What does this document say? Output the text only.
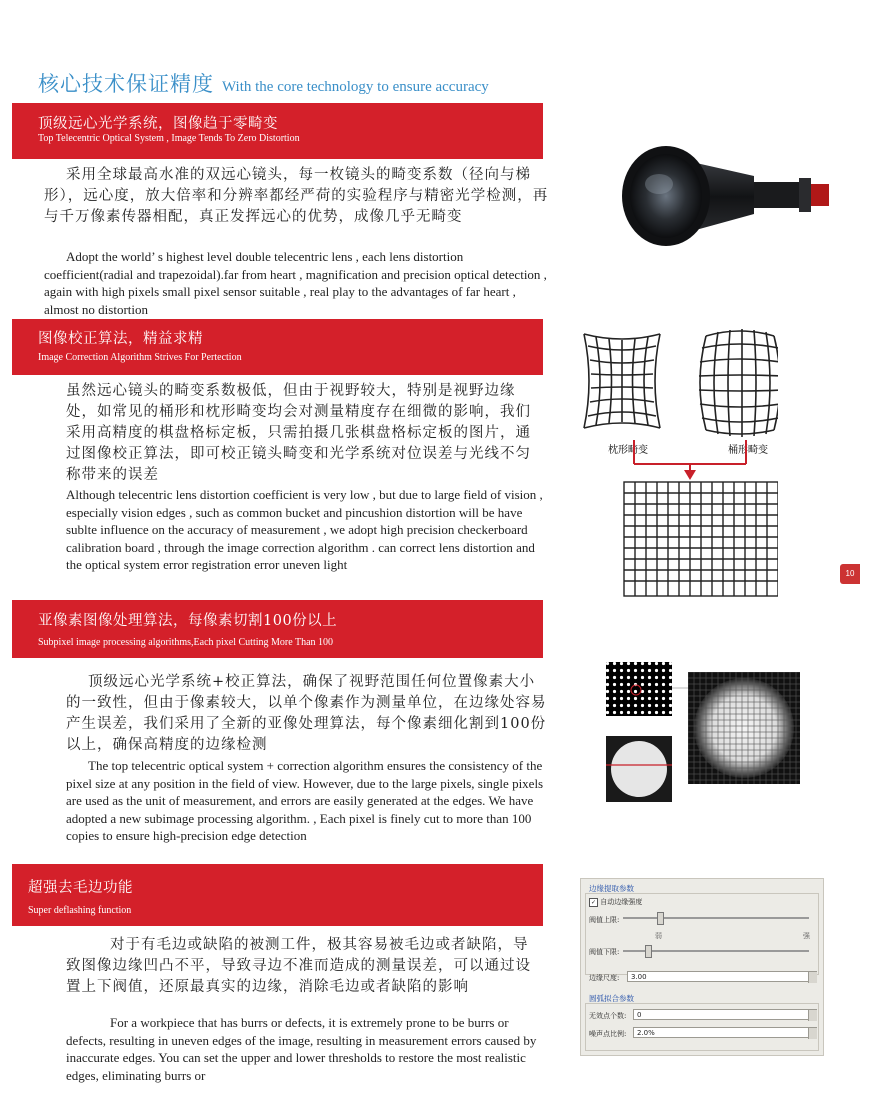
核心技术保证精度 With the core technology to ensure accuracy
顶级远心光学系统，图像趋于零畸变
Top Telecentric Optical System , Image Tends To Zero Distortion
采用全球最高水准的双远心镜头，每一枚镜头的畸变系数（径向与梯形），远心度，放大倍率和分辨率都经严荷的实验程序与精密光学检测，再与千万像素传器相配，真正发挥远心的优势，成像几乎无畸变
Adopt the world’ s highest level double telecentric lens , each lens distortion coefficient(radial and trapezoidal).far from heart , magnification and precision optical detection , again with high pixels small pixel sensor suitable , real play to the advantages of far heart , almost no distortion
图像校正算法，精益求精
Image Correction Algorithm Strives For Pertection
虽然远心镜头的畸变系数极低，但由于视野较大，特别是视野边缘处，如常见的桶形和枕形畸变均会对测量精度存在细微的影响，我们采用高精度的棋盘格标定板，只需拍摄几张棋盘格标定板的图片，通过图像校正算法，即可校正镜头畸变和光学系统对位误差与光线不匀称带来的误差
Although telecentric lens distortion coefficient is very low , but due to large field of vision , especially vision edges , such as common bucket and pincushion distortion will be have sublte influence on the accuracy of measurement , we adopt high precision checkerboard calibration board , through the image correction algorithm . can correct lens distortion and the optical system error registration error uneven light
枕形畸变	桶形畸变
10
亚像素图像处理算法，每像素切割100份以上
Subpixel image processing algorithms,Each pixel Cutting More Than 100
顶级远心光学系统+校正算法，确保了视野范围任何位置像素大小的一致性，但由于像素较大，以单个像素作为测量单位，在边缘处容易产生误差，我们采用了全新的亚像处理算法，每个像素细化割到100份以上，确保高精度的边缘检测
The top telecentric optical system + correction algorithm ensures the consistency of the pixel size at any position in the field of view. However, due to the large pixels, single pixels are used as the unit of measurement, and errors are easily generated at the edges. We have adopted a new subimage processing algorithm. , Each pixel is finely cut to more than 100 copies to ensure high-precision edge detection
超强去毛边功能
Super deflashing function
对于有毛边或缺陷的被测工件，极其容易被毛边或者缺陷，导致图像边缘凹凸不平，导致寻边不准而造成的测量误差，可以通过设置上下阀值，还原最真实的边缘，消除毛边或者缺陷的影响
For a workpiece that has burrs or defects, it is extremely prone to be burrs or defects, resulting in uneven edges of the image, resulting in measurement errors caused by inaccurate edges. You can set the upper and lower thresholds to restore the most realistic edges, eliminating burrs or
边缘提取参数
✓ 自动边缘强度
阀值上限:
弱	强
阀值下限:
边缘尺度:	3.00
圆弧拟合参数
无效点个数:	0
噪声点比例:	2.0%
